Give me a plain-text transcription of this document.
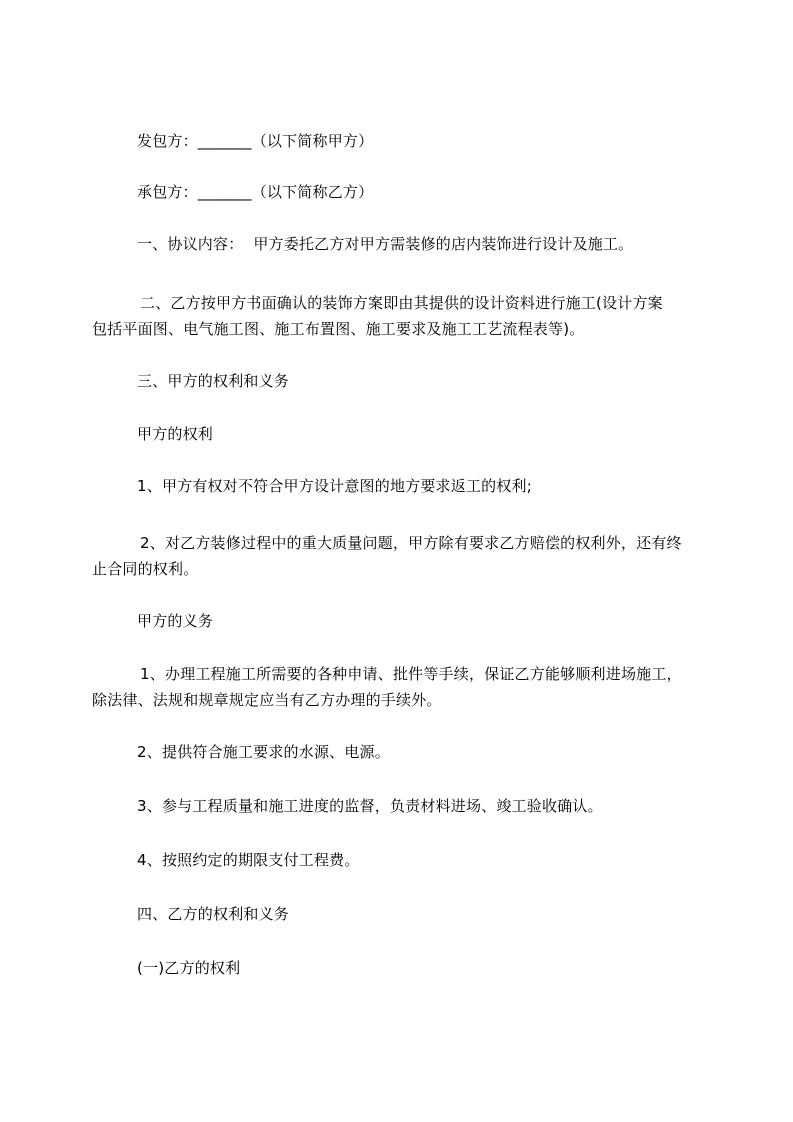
发包方：_______（以下简称甲方）
承包方：_______（以下简称乙方）
一、协议内容：  甲方委托乙方对甲方需装修的店内装饰进行设计及施工。
二、乙方按甲方书面确认的装饰方案即由其提供的设计资料进行施工(设计方案
包括平面图、电气施工图、施工布置图、施工要求及施工工艺流程表等)。
三、甲方的权利和义务
甲方的权利
1、甲方有权对不符合甲方设计意图的地方要求返工的权利;
2、对乙方装修过程中的重大质量问题，甲方除有要求乙方赔偿的权利外，还有终
止合同的权利。
甲方的义务
1、办理工程施工所需要的各种申请、批件等手续，保证乙方能够顺利进场施工，
除法律、法规和规章规定应当有乙方办理的手续外。
2、提供符合施工要求的水源、电源。
3、参与工程质量和施工进度的监督，负责材料进场、竣工验收确认。
4、按照约定的期限支付工程费。
四、乙方的权利和义务
(一)乙方的权利
